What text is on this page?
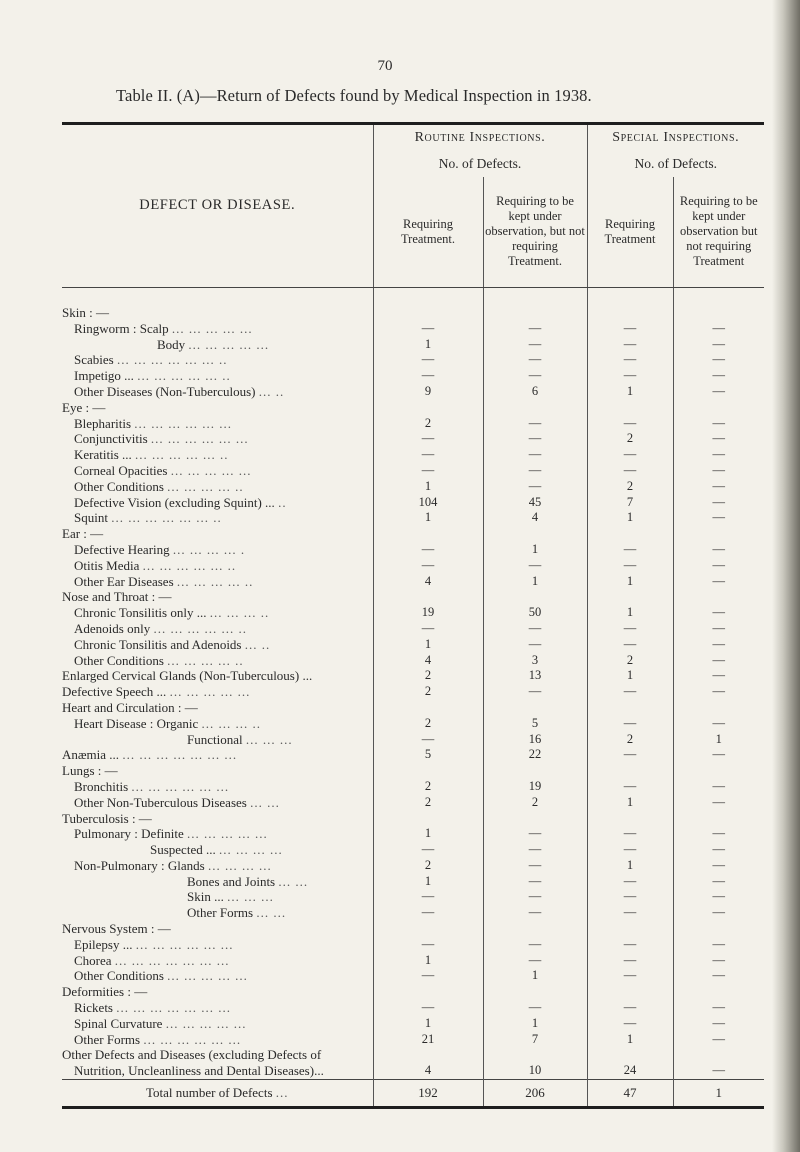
70
Table II. (A)—Return of Defects found by Medical Inspection in 1938.
DEFECT OR DISEASE.	Routine Inspections.		Special Inspections.	
	No. of Defects.		No. of Defects.	

	Requiring Treatment.	Requiring to be kept under observation, but not requiring Treatment.	Requiring Treatment	Requiring to be kept under observation but not requiring Treatment

Skin : —				
Ringworm : Scalp ... ... ... ... ...	—	—	—	—
Body ... ... ... ... ...	1	—	—	—
Scabies ... ... ... ... ... ... ..	—	—	—	—
Impetigo ... ... ... ... ... ... ..	—	—	—	—
Other Diseases (Non-Tuberculous) ... ..	9	6	1	—
Eye : —				
Blepharitis ... ... ... ... ... ...	2	—	—	—
Conjunctivitis ... ... ... ... ... ...	—	—	2	—
Keratitis ... ... ... ... ... ... ..	—	—	—	—
Corneal Opacities ... ... ... ... ...	—	—	—	—
Other Conditions ... ... ... ... ..	1	—	2	—
Defective Vision (excluding Squint) ... ..	104	45	7	—
Squint ... ... ... ... ... ... ..	1	4	1	—
Ear : —				
Defective Hearing ... ... ... ... .	—	1	—	—
Otitis Media ... ... ... ... ... ..	—	—	—	—
Other Ear Diseases ... ... ... ... ..	4	1	1	—
Nose and Throat : —				
Chronic Tonsilitis only ... ... ... ... ..	19	50	1	—
Adenoids only ... ... ... ... ... ..	—	—	—	—
Chronic Tonsilitis and Adenoids ... ..	1	—	—	—
Other Conditions ... ... ... ... ..	4	3	2	—
Enlarged Cervical Glands (Non-Tuberculous) ...	2	13	1	—
Defective Speech ... ... ... ... ... ...	2	—	—	—
Heart and Circulation : —				
Heart Disease : Organic ... ... ... ..	2	5	—	—
Functional ... ... ...	—	16	2	1
Anæmia ... ... ... ... ... ... ... ...	5	22	—	—
Lungs : —				
Bronchitis ... ... ... ... ... ...	2	19	—	—
Other Non-Tuberculous Diseases ... ...	2	2	1	—
Tuberculosis : —				
Pulmonary : Definite ... ... ... ... ...	1	—	—	—
Suspected ... ... ... ... ...	—	—	—	—
Non-Pulmonary : Glands ... ... ... ...	2	—	1	—
Bones and Joints ... ...	1	—	—	—
Skin ... ... ... ...	—	—	—	—
Other Forms ... ...	—	—	—	—
Nervous System : —				
Epilepsy ... ... ... ... ... ... ...	—	—	—	—
Chorea ... ... ... ... ... ... ...	1	—	—	—
Other Conditions ... ... ... ... ...	—	1	—	—
Deformities : —				
Rickets ... ... ... ... ... ... ...	—	—	—	—
Spinal Curvature ... ... ... ... ...	1	1	—	—
Other Forms ... ... ... ... ... ...	21	7	1	—
Other Defects and Diseases (excluding Defects of				
Nutrition, Uncleanliness and Dental Diseases)...	4	10	24	—
Total number of Defects ...	192	206	47	1
